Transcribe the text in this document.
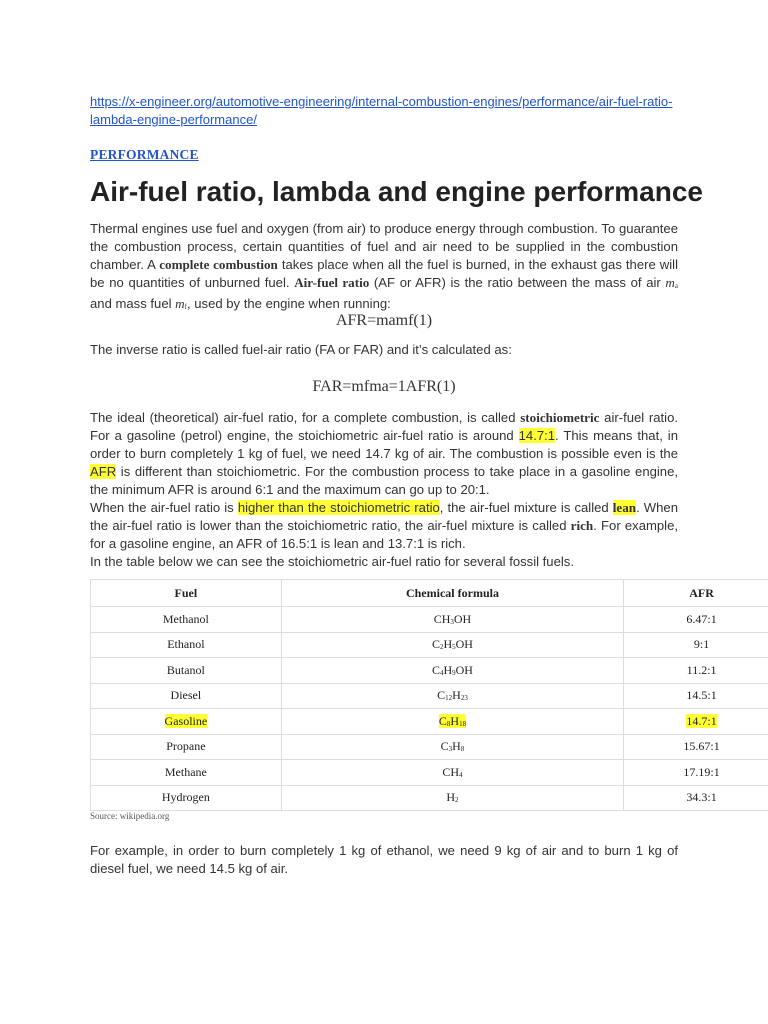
https://x-engineer.org/automotive-engineering/internal-combustion-engines/performance/air-fuel-ratio-lambda-engine-performance/
PERFORMANCE
Air-fuel ratio, lambda and engine performance

Thermal engines use fuel and oxygen (from air) to produce energy through combustion. To guarantee the combustion process, certain quantities of fuel and air need to be supplied in the combustion chamber. A complete combustion takes place when all the fuel is burned, in the exhaust gas there will be no quantities of unburned fuel. Air-fuel ratio (AF or AFR) is the ratio between the mass of air ma and mass fuel mf, used by the engine when running:

AFR=mamf(1)

The inverse ratio is called fuel-air ratio (FA or FAR) and it’s calculated as:

FAR=mfma=1AFR(1)

The ideal (theoretical) air-fuel ratio, for a complete combustion, is called stoichiometric air-fuel ratio. For a gasoline (petrol) engine, the stoichiometric air-fuel ratio is around 14.7:1. This means that, in order to burn completely 1 kg of fuel, we need 14.7 kg of air. The combustion is possible even is the AFR is different than stoichiometric. For the combustion process to take place in a gasoline engine, the minimum AFR is around 6:1 and the maximum can go up to 20:1.
When the air-fuel ratio is higher than the stoichiometric ratio, the air-fuel mixture is called lean. When the air-fuel ratio is lower than the stoichiometric ratio, the air-fuel mixture is called rich. For example, for a gasoline engine, an AFR of 16.5:1 is lean and 13.7:1 is rich.
In the table below we can see the stoichiometric air-fuel ratio for several fossil fuels.

Fuel	Chemical formula	AFR
Methanol	CH3OH	6.47:1
Ethanol	C2H5OH	9:1
Butanol	C4H9OH	11.2:1
Diesel	C12H23	14.5:1
Gasoline	C8H18	14.7:1
Propane	C3H8	15.67:1
Methane	CH4	17.19:1
Hydrogen	H2	34.3:1
Source: wikipedia.org

For example, in order to burn completely 1 kg of ethanol, we need 9 kg of air and to burn 1 kg of diesel fuel, we need 14.5 kg of air.
